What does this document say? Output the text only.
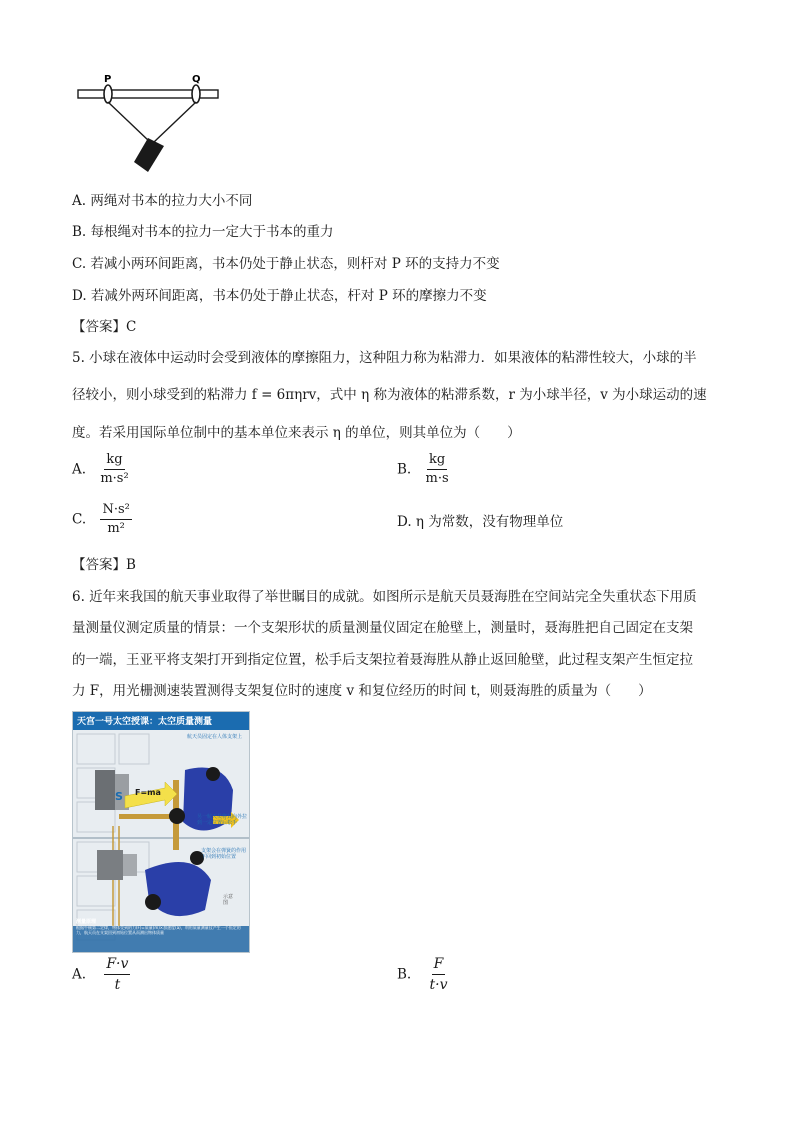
P	Q
A. 两绳对书本的拉力大小不同
B. 每根绳对书本的拉力一定大于书本的重力
C. 若减小两环间距离，书本仍处于静止状态，则杆对 P 环的支持力不变
D. 若减外两环间距离，书本仍处于静止状态，杆对 P 环的摩擦力不变
【答案】C
5. 小球在液体中运动时会受到液体的摩擦阻力，这种阻力称为粘滞力．如果液体的粘滞性较大，小球的半
径较小，则小球受到的粘滞力 f = 6πηrv，式中 η 称为液体的粘滞系数，r 为小球半径，v 为小球运动的速
度。若采用国际单位制中的基本单位来表示 η 的单位，则其单位为（　　）
A. $\frac{kg}{\text{m·s²}}$	B. $\frac{kg}{m\cdot s}$
C. $\frac{\text{N·s²}}{\text{m²}}$	D. η 为常数，没有物理单位
【答案】B
6. 近年来我国的航天事业取得了举世瞩目的成就。如图所示是航天员聂海胜在空间站完全失重状态下用质
量测量仪测定质量的情景：一个支架形状的质量测量仪固定在舱壁上，测量时，聂海胜把自己固定在支架
的一端，王亚平将支架打开到指定位置，松手后支架拉着聂海胜从静止返回舱壁，此过程支架产生恒定拉
力 F，用光栅测速装置测得支架复位时的速度 v 和复位经历的时间 t，则聂海胜的质量为（　　）
天宫一号太空授课：太空质量测量
航天员固定在人体支架上
F=ma
S
另一航天员将其向外拉到一定位置后松手
支架会在弹簧的作用下回到初始位置
示意图
测量原理
根据牛顿第二定律，物体受到的力(F)=质量(m)×加速度(a)，利用质量测量仪产生一个恒定的力，航天员在支架回到初始位置从而测出物体质量
A. $\frac{F\cdot v}{t}$	B. $\frac{F}{t\cdot v}$
